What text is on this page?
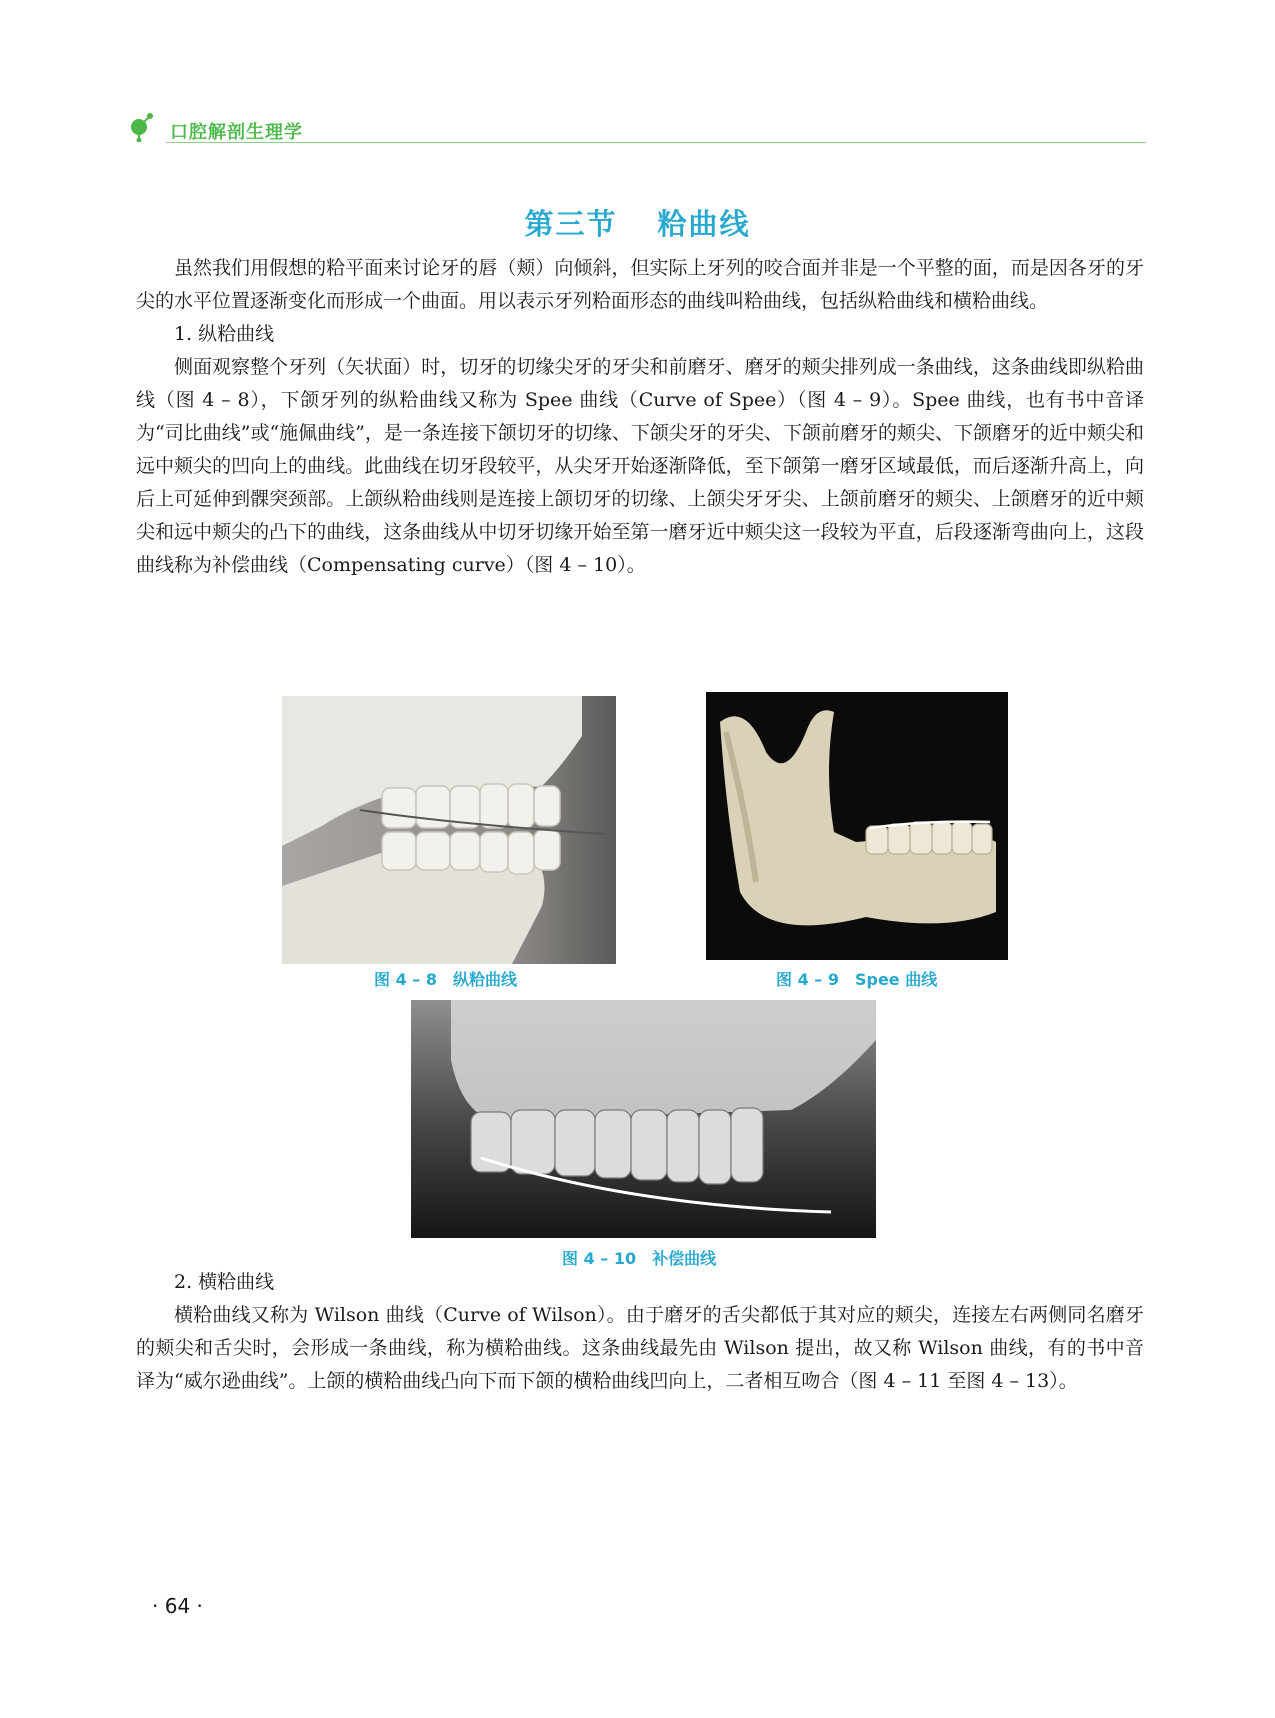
口腔解剖生理学
第三节 粭曲线

虽然我们用假想的粭平面来讨论牙的唇（颊）向倾斜，但实际上牙列的咬合面并非是一个平整的面，而是因各牙的牙尖的水平位置逐渐变化而形成一个曲面。用以表示牙列粭面形态的曲线叫粭曲线，包括纵粭曲线和横粭曲线。

1. 纵粭曲线

侧面观察整个牙列（矢状面）时，切牙的切缘尖牙的牙尖和前磨牙、磨牙的颊尖排列成一条曲线，这条曲线即纵粭曲线（图 4 – 8），下颌牙列的纵粭曲线又称为 Spee 曲线（Curve of Spee）（图 4 – 9）。Spee 曲线，也有书中音译为“司比曲线”或“施佩曲线”，是一条连接下颌切牙的切缘、下颌尖牙的牙尖、下颌前磨牙的颊尖、下颌磨牙的近中颊尖和远中颊尖的凹向上的曲线。此曲线在切牙段较平，从尖牙开始逐渐降低，至下颌第一磨牙区域最低，而后逐渐升高上，向后上可延伸到髁突颈部。上颌纵粭曲线则是连接上颌切牙的切缘、上颌尖牙牙尖、上颌前磨牙的颊尖、上颌磨牙的近中颊尖和远中颊尖的凸下的曲线，这条曲线从中切牙切缘开始至第一磨牙近中颊尖这一段较为平直，后段逐渐弯曲向上，这段曲线称为补偿曲线（Compensating curve）（图 4 – 10）。

图 4 – 8　纵粭曲线	图 4 – 9　Spee 曲线
图 4 – 10　补偿曲线

2. 横粭曲线

横粭曲线又称为 Wilson 曲线（Curve of Wilson）。由于磨牙的舌尖都低于其对应的颊尖，连接左右两侧同名磨牙的颊尖和舌尖时，会形成一条曲线，称为横粭曲线。这条曲线最先由 Wilson 提出，故又称 Wilson 曲线，有的书中音译为“威尔逊曲线”。上颌的横粭曲线凸向下而下颌的横粭曲线凹向上，二者相互吻合（图 4 – 11 至图 4 – 13）。

· 64 ·
